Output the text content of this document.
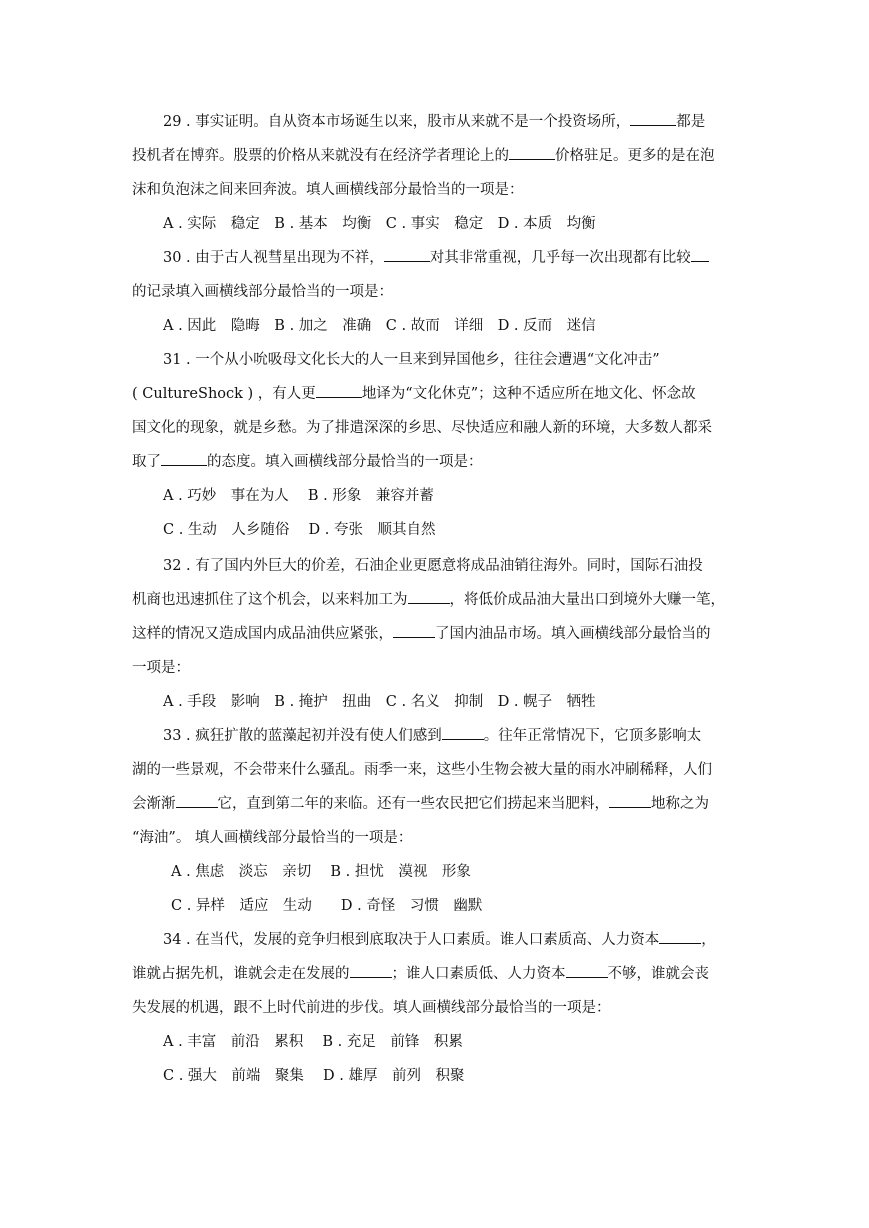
29 . 事实证明。自从资本市场诞生以来，股市从来就不是一个投资场所，	都是
投机者在博弈。股票的价格从来就没有在经济学者理论上的	价格驻足。更多的是在泡
沫和负泡沫之间来回奔波。填人画横线部分最恰当的一项是：
A . 实际　稳定　B . 基本　均衡　C . 事实　稳定　D . 本质　均衡
30 . 由于古人视彗星出现为不祥，	对其非常重视，几乎每一次出现都有比较
的记录填入画横线部分最恰当的一项是：
A . 因此　隐晦　B . 加之　准确　C . 故而　详细　D . 反而　迷信
31 . 一个从小吮吸母文化长大的人一旦来到异国他乡，往往会遭遇“文化冲击”
( CultureShock ) ，有人更	地译为“文化休克”；这种不适应所在地文化、怀念故
国文化的现象，就是乡愁。为了排遣深深的乡思、尽快适应和融人新的环境，大多数人都采
取了	的态度。填入画横线部分最恰当的一项是：
A . 巧妙　事在为人　 B . 形象　兼容并蓄
C . 生动　人乡随俗　 D . 夸张　顺其自然
32 . 有了国内外巨大的价差，石油企业更愿意将成品油销往海外。同时，国际石油投
机商也迅速抓住了这个机会，以来料加工为	，将低价成品油大量出口到境外大赚一笔，
这样的情况又造成国内成品油供应紧张，	了国内油品市场。填入画横线部分最恰当的
一项是：
A . 手段　影响　B . 掩护　扭曲　C . 名义　抑制　D . 幌子　牺牲
33 . 疯狂扩散的蓝藻起初并没有使人们感到	。往年正常情况下，它顶多影响太
湖的一些景观，不会带来什么骚乱。雨季一来，这些小生物会被大量的雨水冲刷稀释，人们
会渐渐	它，直到第二年的来临。还有一些农民把它们捞起来当肥料，	地称之为
“海油”。 填人画横线部分最恰当的一项是：
A . 焦虑　淡忘　亲切　 B . 担忧　漠视　形象
C . 异样　适应　生动　　D . 奇怪　习惯　幽默
34 . 在当代，发展的竞争归根到底取决于人口素质。谁人口素质高、人力资本	，
谁就占据先机，谁就会走在发展的	；谁人口素质低、人力资本	不够，谁就会丧
失发展的机遇，跟不上时代前进的步伐。填人画横线部分最恰当的一项是：
A . 丰富　前沿　累积　 B . 充足　前锋　积累
C . 强大　前端　聚集　 D . 雄厚　前列　积聚
